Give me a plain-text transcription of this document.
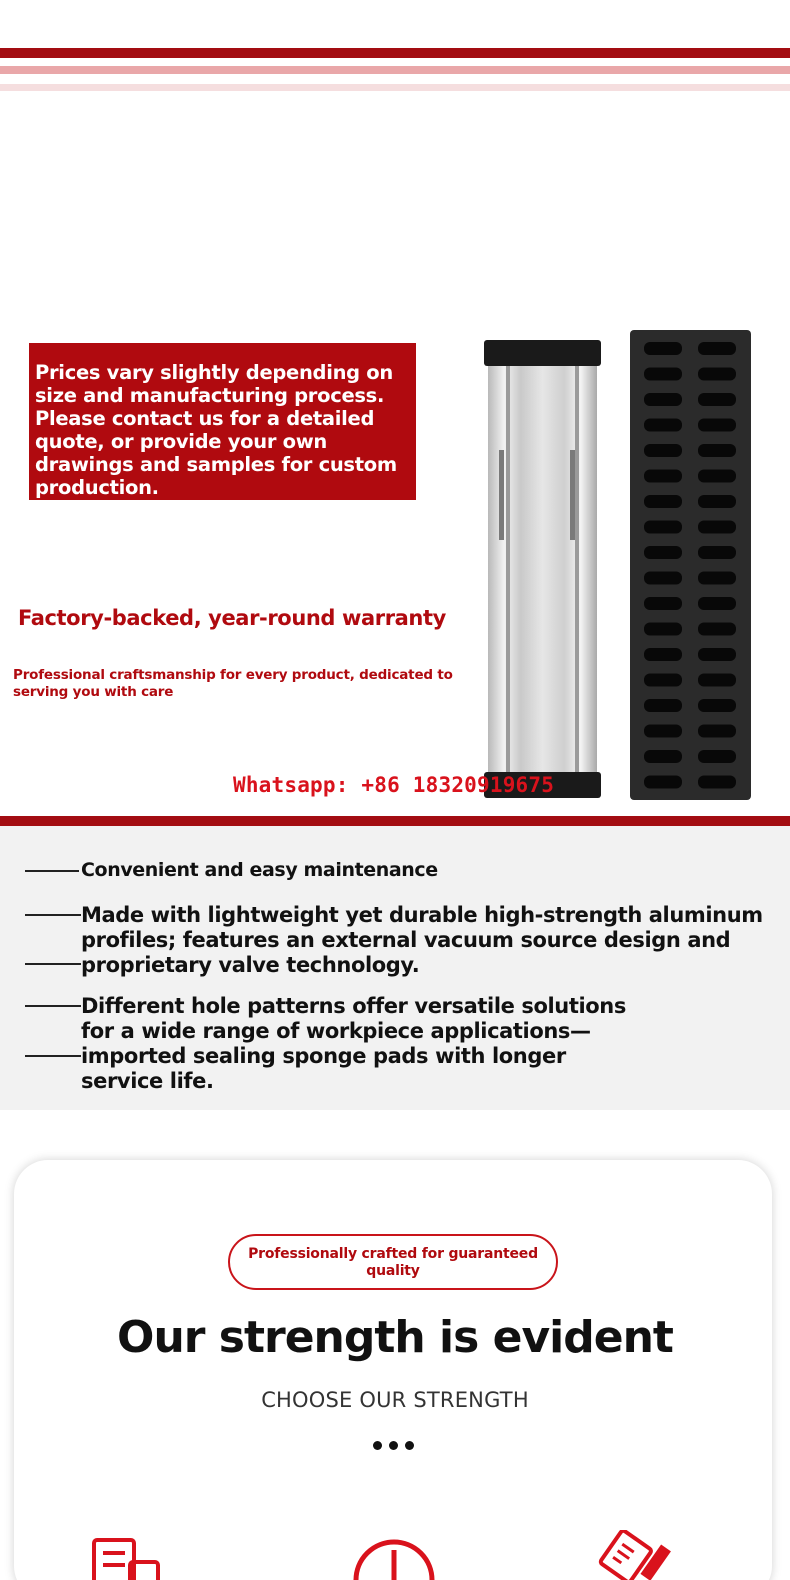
Prices vary slightly depending on size and manufacturing process. Please contact us for a detailed quote, or provide your own drawings and samples for custom production.
Factory-backed, year-round warranty
Professional craftsmanship for every product, dedicated to serving you with care
Whatsapp: +86 18320919675
Convenient and easy maintenance
Made with lightweight yet durable high-strength aluminum profiles; features an external vacuum source design and proprietary valve technology.
Different hole patterns offer versatile solutions for a wide range of workpiece applications—imported sealing sponge pads with longer service life.
Professionally crafted for guaranteed quality
Our strength is evident
CHOOSE OUR STRENGTH
